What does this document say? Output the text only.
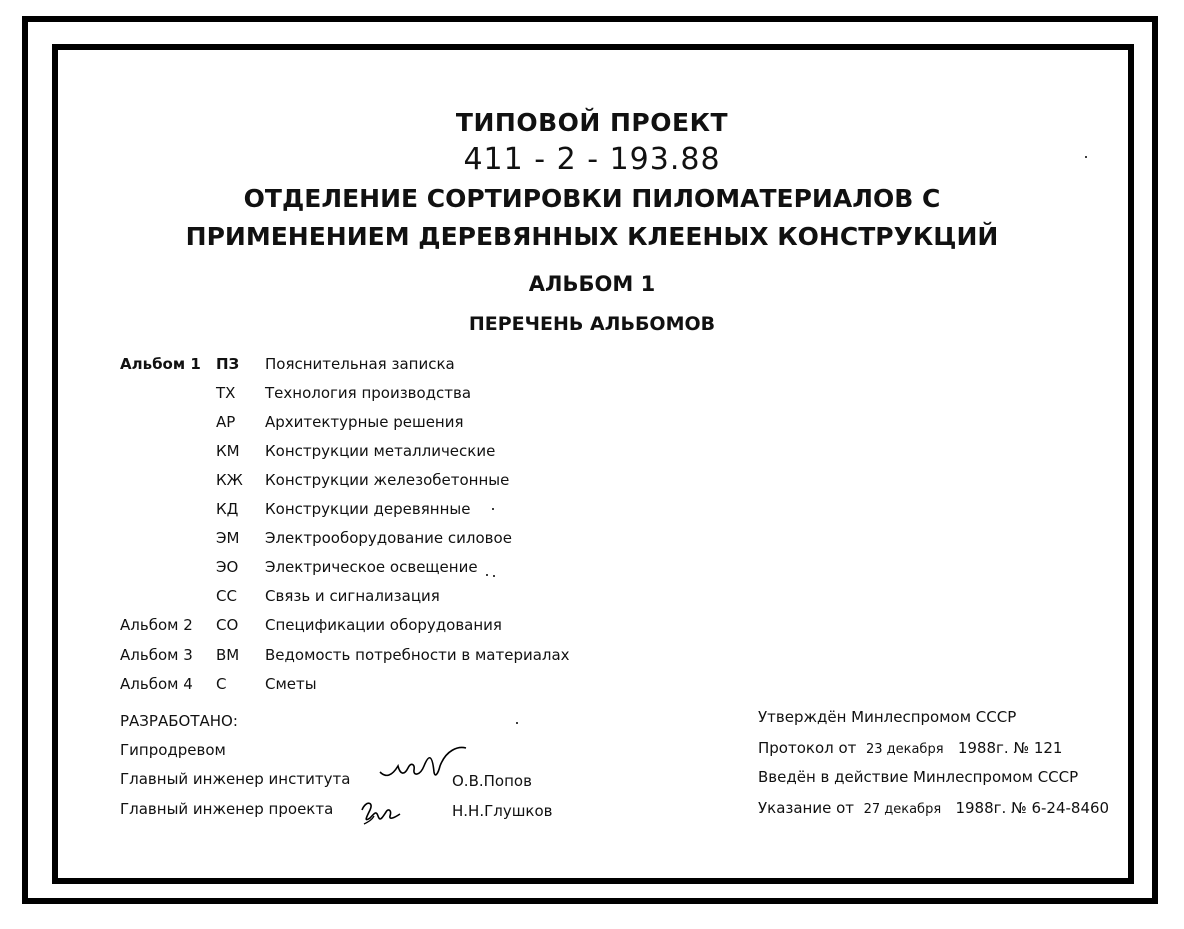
ТИПОВОЙ ПРОЕКТ
411 - 2 - 193.88
ОТДЕЛЕНИЕ СОРТИРОВКИ ПИЛОМАТЕРИАЛОВ С
ПРИМЕНЕНИЕМ ДЕРЕВЯННЫХ КЛЕЕНЫХ КОНСТРУКЦИЙ
АЛЬБОМ 1
ПЕРЕЧЕНЬ АЛЬБОМОВ
Альбом 1 ПЗ Пояснительная записка
ТХ Технология производства
АР Архитектурные решения
КМ Конструкции металлические
КЖ Конструкции железобетонные
КД Конструкции деревянные
ЭМ Электрооборудование силовое
ЭО Электрическое освещение
СС Связь и сигнализация
Альбом 2 СО Спецификации оборудования
Альбом 3 ВМ Ведомость потребности в материалах
Альбом 4 С	Сметы
РАЗРАБОТАНО:
Гипродревом
Главный инженер института
Главный инженер проекта
О.В.Попов
Н.Н.Глушков
Утверждён Минлеспромом СССР
Протокол от 23 декабря 1988г. № 121
Введён в действие Минлеспромом СССР
Указание от 27 декабря 1988г. № 6-24-8460
